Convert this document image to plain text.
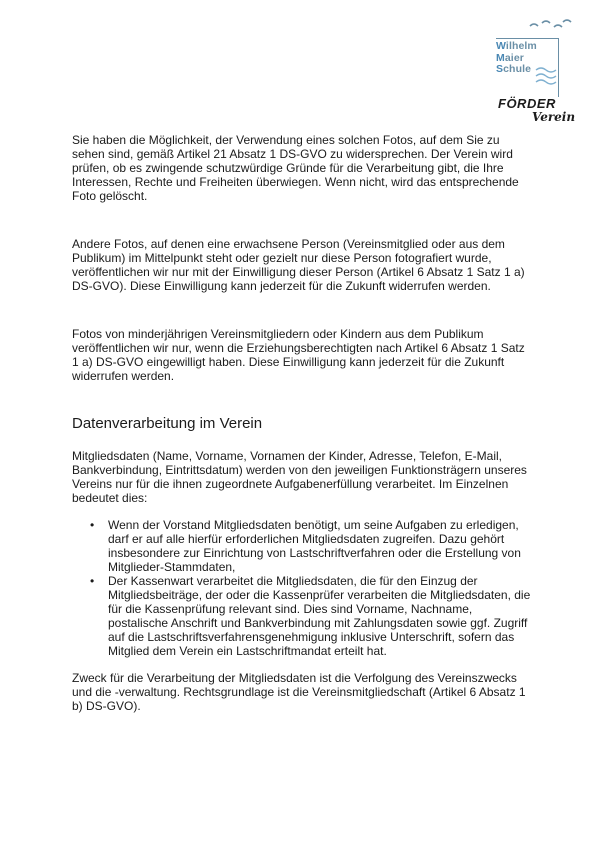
Wilhelm
Maier
Schule
FÖRDER
Verein

Sie haben die Möglichkeit, der Verwendung eines solchen Fotos, auf dem Sie zu sehen sind, gemäß Artikel 21 Absatz 1 DS-GVO zu widersprechen. Der Verein wird prüfen, ob es zwingende schutzwürdige Gründe für die Verarbeitung gibt, die Ihre Interessen, Rechte und Freiheiten überwiegen. Wenn nicht, wird das entsprechende Foto gelöscht.

Andere Fotos, auf denen eine erwachsene Person (Vereinsmitglied oder aus dem Publikum) im Mittelpunkt steht oder gezielt nur diese Person fotografiert wurde, veröffentlichen wir nur mit der Einwilligung dieser Person (Artikel 6 Absatz 1 Satz 1 a) DS-GVO). Diese Einwilligung kann jederzeit für die Zukunft widerrufen werden.

Fotos von minderjährigen Vereinsmitgliedern oder Kindern aus dem Publikum veröffentlichen wir nur, wenn die Erziehungsberechtigten nach Artikel 6 Absatz 1 Satz 1 a) DS-GVO eingewilligt haben. Diese Einwilligung kann jederzeit für die Zukunft widerrufen werden.

Datenverarbeitung im Verein

Mitgliedsdaten (Name, Vorname, Vornamen der Kinder, Adresse, Telefon, E-Mail, Bankverbindung, Eintrittsdatum) werden von den jeweiligen Funktionsträgern unseres Vereins nur für die ihnen zugeordnete Aufgabenerfüllung verarbeitet. Im Einzelnen bedeutet dies:

• Wenn der Vorstand Mitgliedsdaten benötigt, um seine Aufgaben zu erledigen, darf er auf alle hierfür erforderlichen Mitgliedsdaten zugreifen. Dazu gehört insbesondere zur Einrichtung von Lastschriftverfahren oder die Erstellung von Mitglieder-Stammdaten,
• Der Kassenwart verarbeitet die Mitgliedsdaten, die für den Einzug der Mitgliedsbeiträge, der oder die Kassenprüfer verarbeiten die Mitgliedsdaten, die für die Kassenprüfung relevant sind. Dies sind Vorname, Nachname, postalische Anschrift und Bankverbindung mit Zahlungsdaten sowie ggf. Zugriff auf die Lastschriftsverfahrensgenehmigung inklusive Unterschrift, sofern das Mitglied dem Verein ein Lastschriftmandat erteilt hat.

Zweck für die Verarbeitung der Mitgliedsdaten ist die Verfolgung des Vereinszwecks und die -verwaltung. Rechtsgrundlage ist die Vereinsmitgliedschaft (Artikel 6 Absatz 1 b) DS-GVO).
